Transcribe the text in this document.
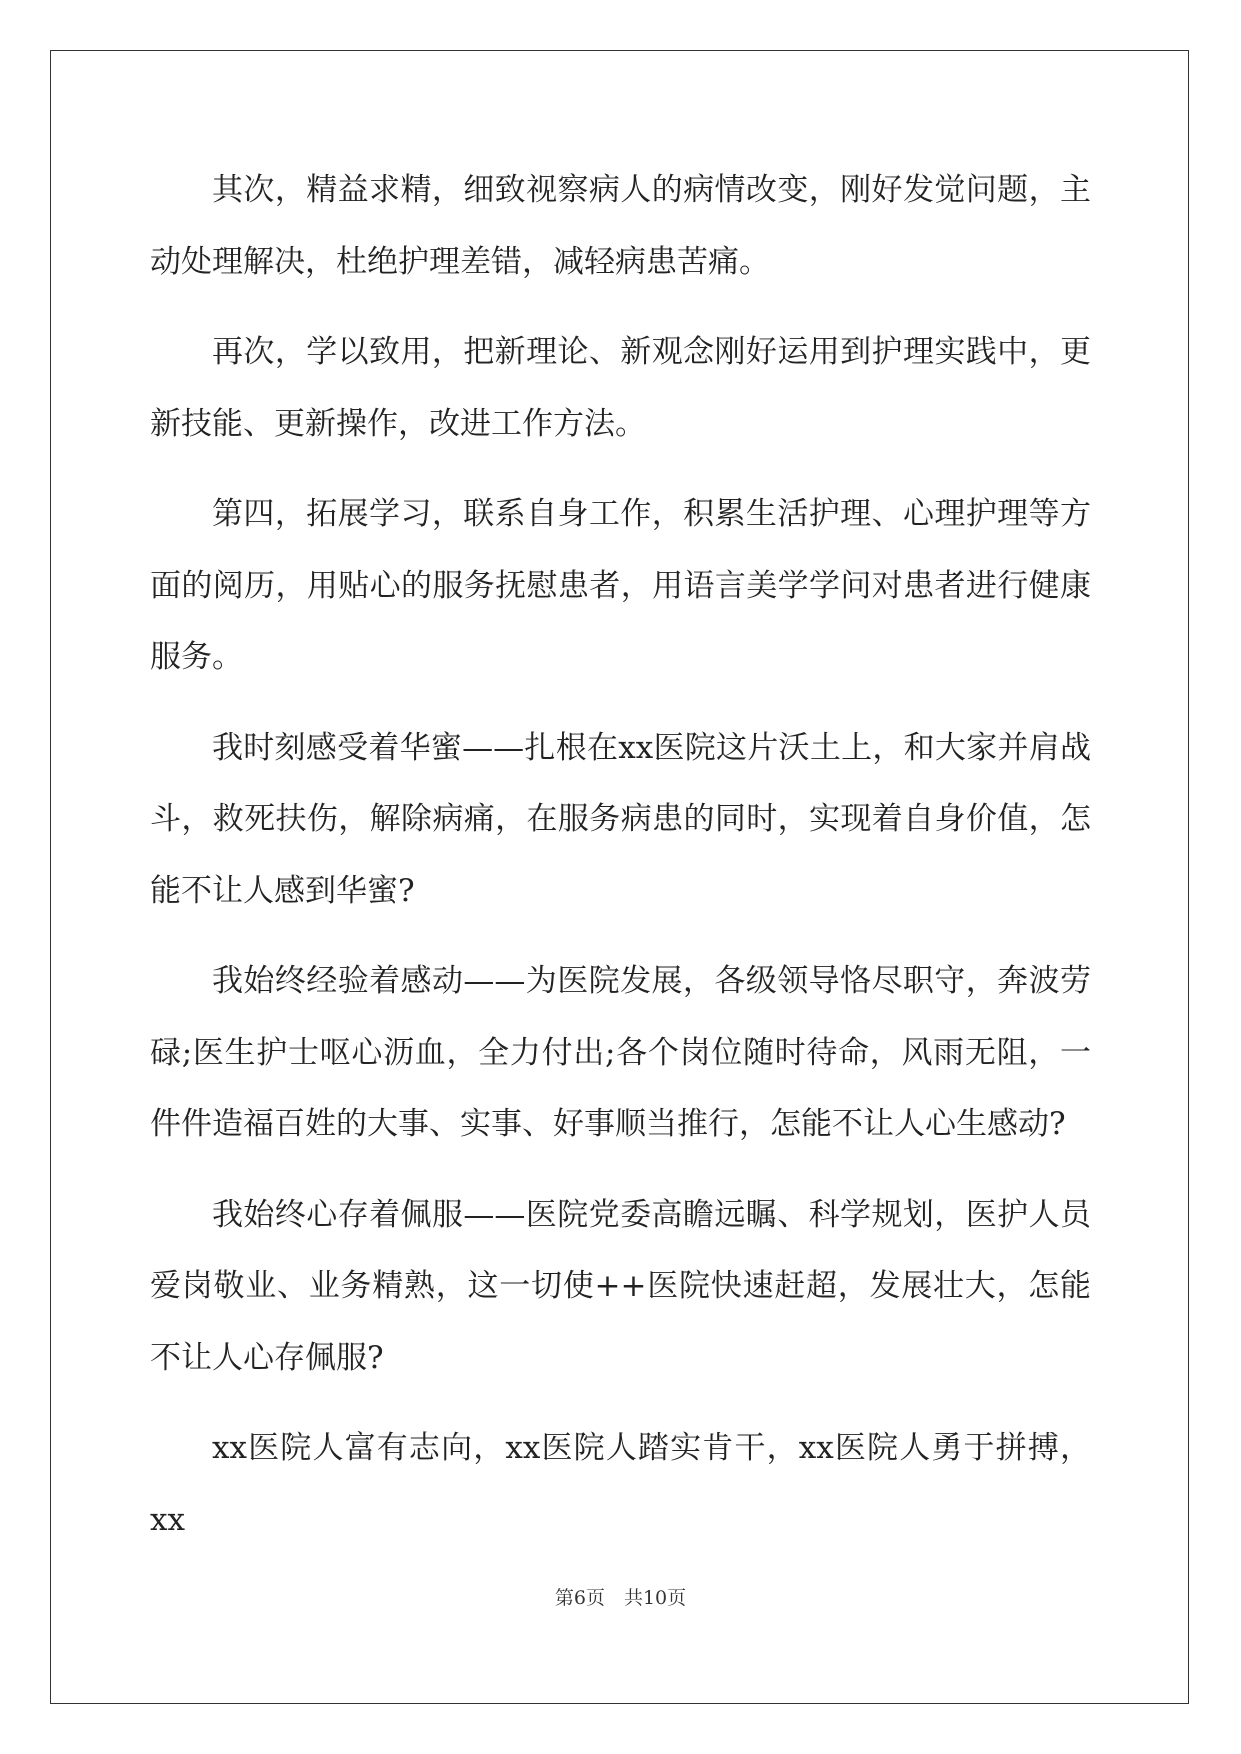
其次，精益求精，细致视察病人的病情改变，刚好发觉问题，主动处理解决，杜绝护理差错，减轻病患苦痛。

再次，学以致用，把新理论、新观念刚好运用到护理实践中，更新技能、更新操作，改进工作方法。

第四，拓展学习，联系自身工作，积累生活护理、心理护理等方面的阅历，用贴心的服务抚慰患者，用语言美学学问对患者进行健康服务。

我时刻感受着华蜜——扎根在xx医院这片沃土上，和大家并肩战斗，救死扶伤，解除病痛，在服务病患的同时，实现着自身价值，怎能不让人感到华蜜?

我始终经验着感动——为医院发展，各级领导恪尽职守，奔波劳碌;医生护士呕心沥血，全力付出;各个岗位随时待命，风雨无阻，一件件造福百姓的大事、实事、好事顺当推行，怎能不让人心生感动?

我始终心存着佩服——医院党委高瞻远瞩、科学规划，医护人员爱岗敬业、业务精熟，这一切使++医院快速赶超，发展壮大，怎能不让人心存佩服?

xx医院人富有志向，xx医院人踏实肯干，xx医院人勇于拼搏，xx

第6页　共10页
